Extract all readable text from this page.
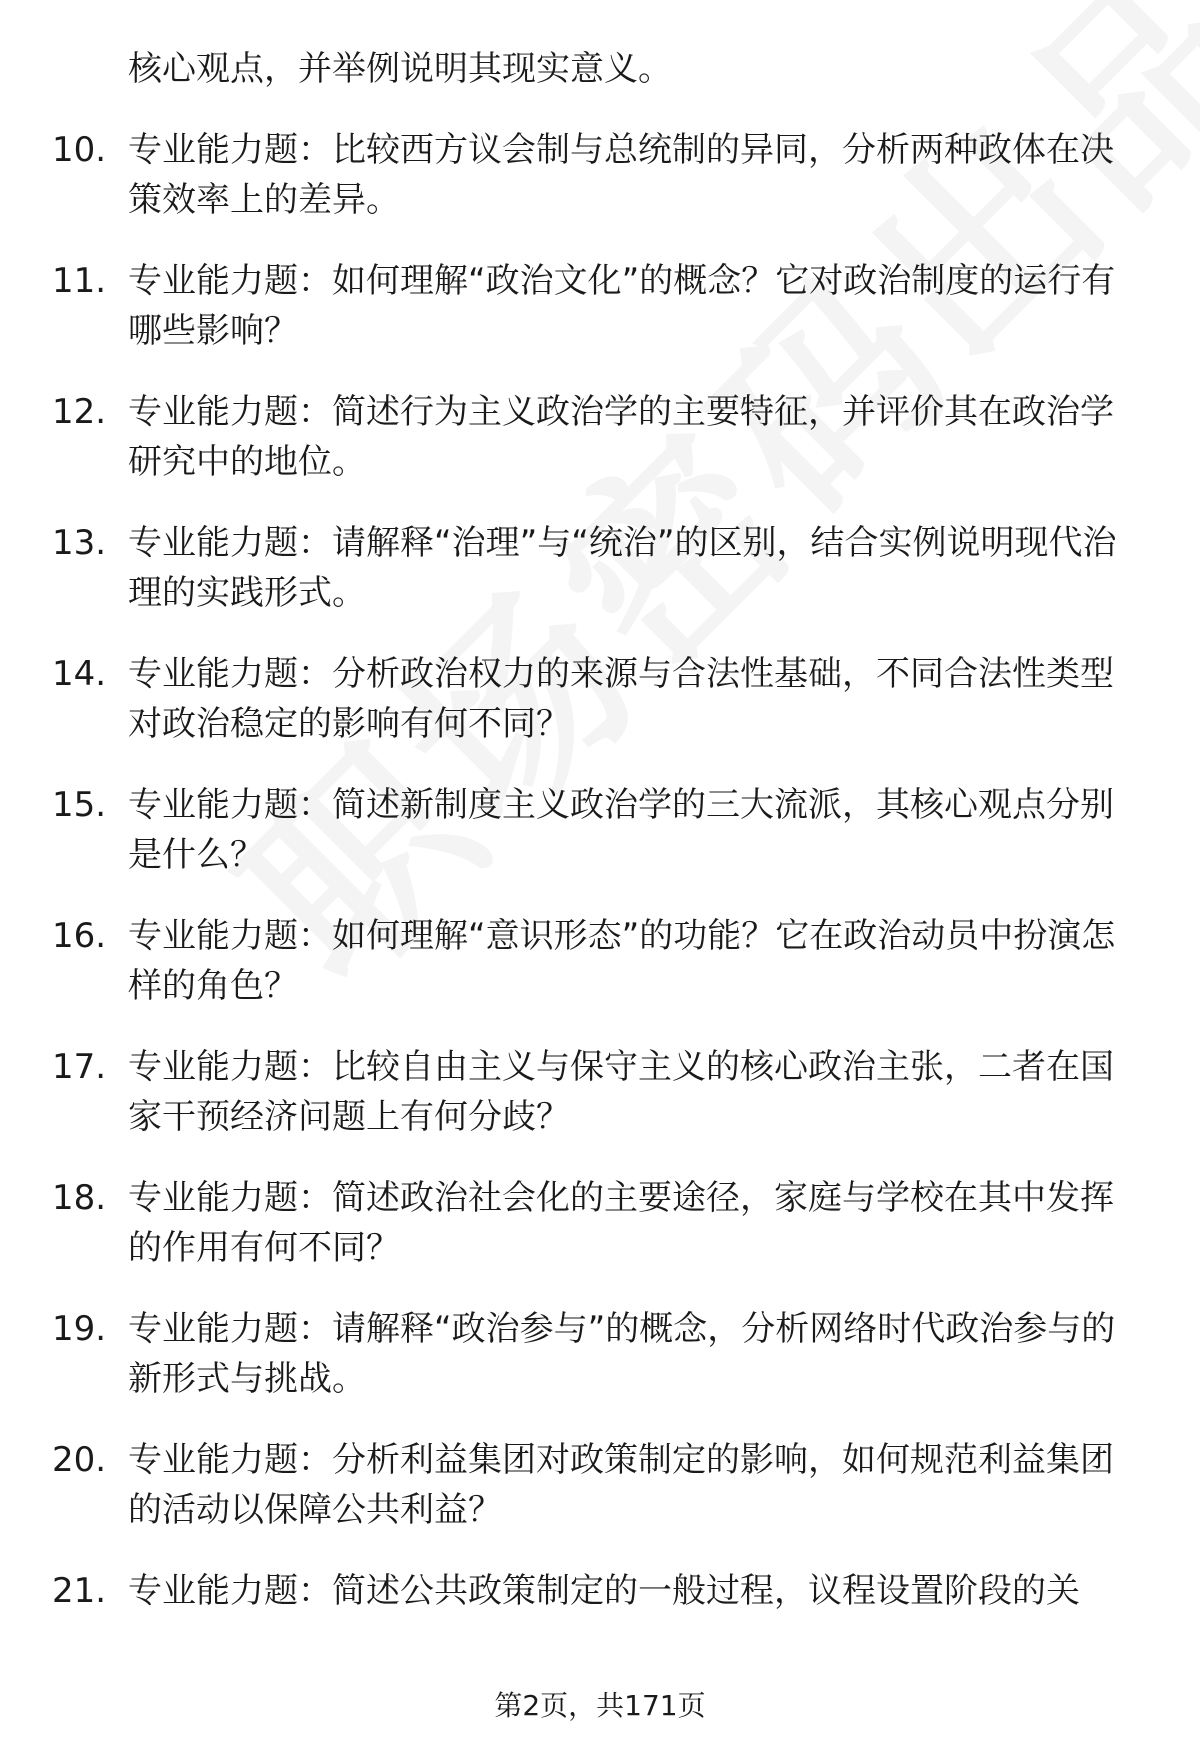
核心观点，并举例说明其现实意义。
10. 专业能力题：比较西方议会制与总统制的异同，分析两种政体在决策效率上的差异。
11. 专业能力题：如何理解“政治文化”的概念？它对政治制度的运行有哪些影响？
12. 专业能力题：简述行为主义政治学的主要特征，并评价其在政治学研究中的地位。
13. 专业能力题：请解释“治理”与“统治”的区别，结合实例说明现代治理的实践形式。
14. 专业能力题：分析政治权力的来源与合法性基础，不同合法性类型对政治稳定的影响有何不同？
15. 专业能力题：简述新制度主义政治学的三大流派，其核心观点分别是什么？
16. 专业能力题：如何理解“意识形态”的功能？它在政治动员中扮演怎样的角色？
17. 专业能力题：比较自由主义与保守主义的核心政治主张，二者在国家干预经济问题上有何分歧？
18. 专业能力题：简述政治社会化的主要途径，家庭与学校在其中发挥的作用有何不同？
19. 专业能力题：请解释“政治参与”的概念，分析网络时代政治参与的新形式与挑战。
20. 专业能力题：分析利益集团对政策制定的影响，如何规范利益集团的活动以保障公共利益？
21. 专业能力题：简述公共政策制定的一般过程，议程设置阶段的关
第2页，共171页
